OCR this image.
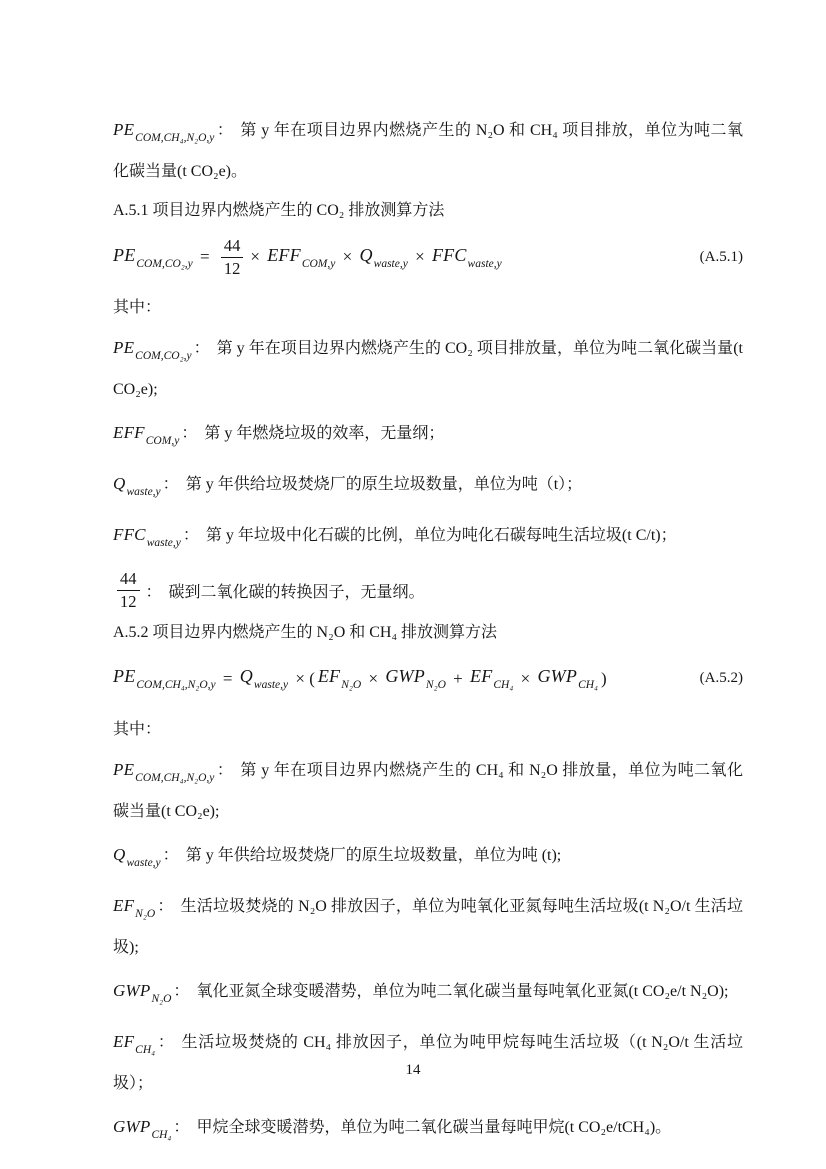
$PE_{COM,CH_4,N_2O,y}$ ： 第 y 年在项目边界内燃烧产生的 N₂O 和 CH₄ 项目排放，单位为吨二氧化碳当量(t CO₂e)。
A.5.1 项目边界内燃烧产生的 CO₂ 排放测算方法
$PE_{COM,CO_2,y} = \frac{44}{12} \times EFF_{COM,y} \times Q_{waste,y} \times FFC_{waste,y}$	(A.5.1)
其中：
$PE_{COM,CO_2,y}$ ： 第 y 年在项目边界内燃烧产生的 CO₂ 项目排放量，单位为吨二氧化碳当量(t CO₂e);
$EFF_{COM,y}$ ： 第 y 年燃烧垃圾的效率，无量纲；
$Q_{waste,y}$ ： 第 y 年供给垃圾焚烧厂的原生垃圾数量，单位为吨（t）；
$FFC_{waste,y}$ ： 第 y 年垃圾中化石碳的比例，单位为吨化石碳每吨生活垃圾(t C/t)；
$\frac{44}{12}$ ： 碳到二氧化碳的转换因子，无量纲。
A.5.2 项目边界内燃烧产生的 N₂O 和 CH₄ 排放测算方法
$PE_{COM,CH_4,N_2O,y} = Q_{waste,y}$ × ( $EF_{N_2O} \times GWP_{N_2O} + EF_{CH_4} \times GWP_{CH_4}$ )	(A.5.2)
其中：
$PE_{COM,CH_4,N_2O,y}$ ： 第 y 年在项目边界内燃烧产生的 CH₄ 和 N₂O 排放量，单位为吨二氧化碳当量(t CO₂e);
$Q_{waste,y}$ ： 第 y 年供给垃圾焚烧厂的原生垃圾数量，单位为吨 (t);
$EF_{N_2O}$ ： 生活垃圾焚烧的 N₂O 排放因子，单位为吨氧化亚氮每吨生活垃圾(t N₂O/t 生活垃圾);
$GWP_{N_2O}$ ： 氧化亚氮全球变暖潜势，单位为吨二氧化碳当量每吨氧化亚氮(t CO₂e/t N₂O);
$EF_{CH_4}$ ： 生活垃圾焚烧的 CH₄ 排放因子，单位为吨甲烷每吨生活垃圾（(t N₂O/t 生活垃圾）；
$GWP_{CH_4}$ ： 甲烷全球变暖潜势，单位为吨二氧化碳当量每吨甲烷(t CO₂e/tCH₄)。
14
